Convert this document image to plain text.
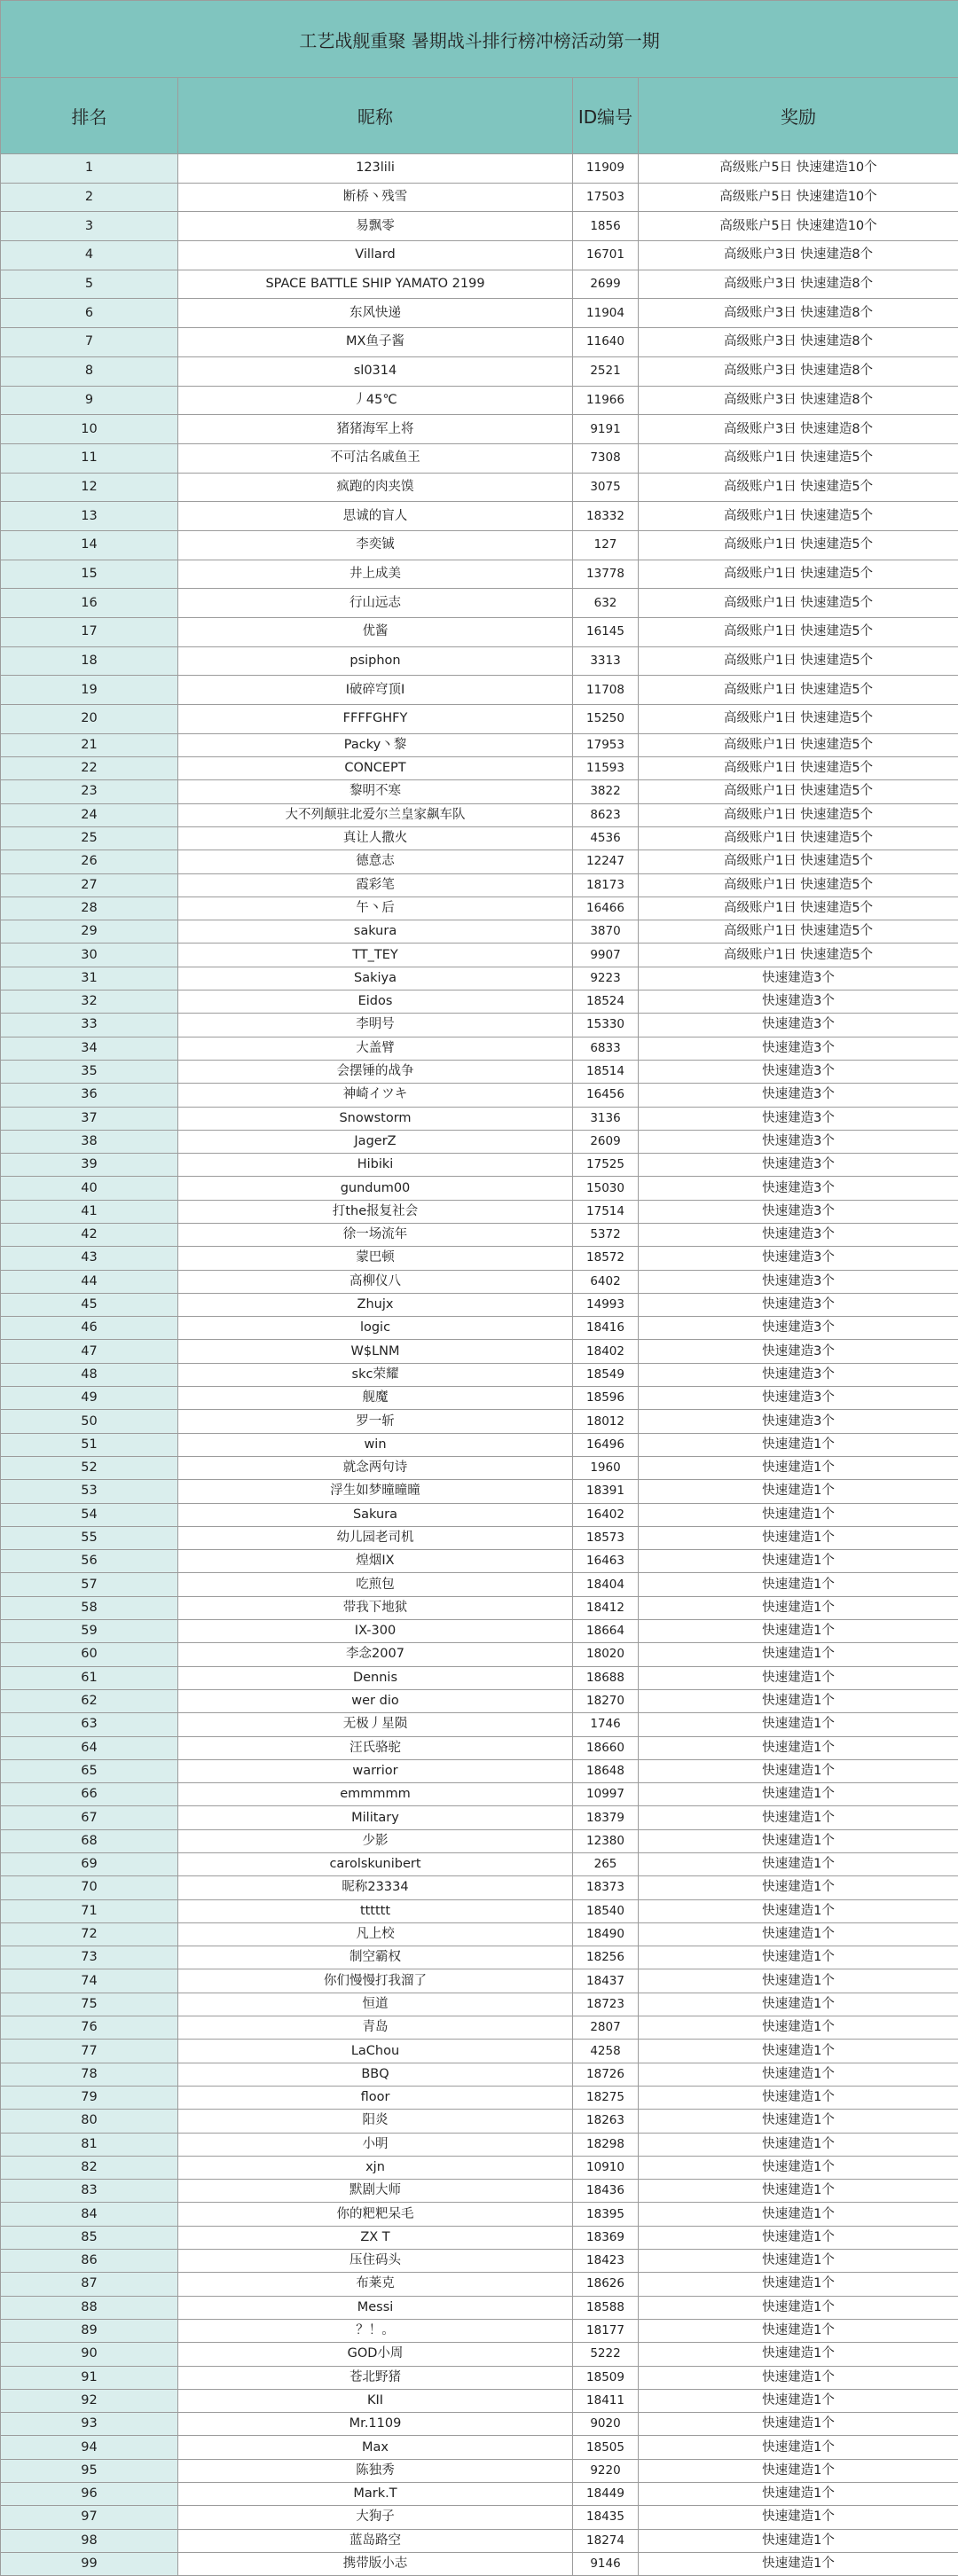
工艺战舰重聚 暑期战斗排行榜冲榜活动第一期			
排名	昵称	ID编号	奖励
1	123lili	11909	高级账户5日 快速建造10个
2	断桥丶残雪	17503	高级账户5日 快速建造10个
3	易飘零	1856	高级账户5日 快速建造10个
4	Villard	16701	高级账户3日 快速建造8个
5	SPACE BATTLE SHIP YAMATO 2199	2699	高级账户3日 快速建造8个
6	东风快递	11904	高级账户3日 快速建造8个
7	MX鱼子酱	11640	高级账户3日 快速建造8个
8	sl0314	2521	高级账户3日 快速建造8个
9	丿45℃	11966	高级账户3日 快速建造8个
10	猪猪海军上将	9191	高级账户3日 快速建造8个
11	不可沽名戚鱼王	7308	高级账户1日 快速建造5个
12	疯跑的肉夹馍	3075	高级账户1日 快速建造5个
13	思诚的盲人	18332	高级账户1日 快速建造5个
14	李奕铖	127	高级账户1日 快速建造5个
15	井上成美	13778	高级账户1日 快速建造5个
16	行山远志	632	高级账户1日 快速建造5个
17	优酱	16145	高级账户1日 快速建造5个
18	psiphon	3313	高级账户1日 快速建造5个
19	I破碎穹顶I	11708	高级账户1日 快速建造5个
20	FFFFGHFY	15250	高级账户1日 快速建造5个
21	Packy丶黎	17953	高级账户1日 快速建造5个
22	CONCEPT	11593	高级账户1日 快速建造5个
23	黎明不寒	3822	高级账户1日 快速建造5个
24	大不列颠驻北爱尔兰皇家飙车队	8623	高级账户1日 快速建造5个
25	真让人撒火	4536	高级账户1日 快速建造5个
26	德意志	12247	高级账户1日 快速建造5个
27	霞彩笔	18173	高级账户1日 快速建造5个
28	午丶后	16466	高级账户1日 快速建造5个
29	sakura	3870	高级账户1日 快速建造5个
30	TT_TEY	9907	高级账户1日 快速建造5个
31	Sakiya	9223	快速建造3个
32	Eidos	18524	快速建造3个
33	李明号	15330	快速建造3个
34	大盖臂	6833	快速建造3个
35	会摆锤的战争	18514	快速建造3个
36	神崎イツキ	16456	快速建造3个
37	Snowstorm	3136	快速建造3个
38	JagerZ	2609	快速建造3个
39	Hibiki	17525	快速建造3个
40	gundum00	15030	快速建造3个
41	打the报复社会	17514	快速建造3个
42	徐一场流年	5372	快速建造3个
43	蒙巴顿	18572	快速建造3个
44	高柳仪八	6402	快速建造3个
45	Zhujx	14993	快速建造3个
46	logic	18416	快速建造3个
47	W$LNM	18402	快速建造3个
48	skc荣耀	18549	快速建造3个
49	舰魔	18596	快速建造3个
50	罗一斩	18012	快速建造3个
51	win	16496	快速建造1个
52	就念两句诗	1960	快速建造1个
53	浮生如梦曈曈曈	18391	快速建造1个
54	Sakura	16402	快速建造1个
55	幼儿园老司机	18573	快速建造1个
56	煌烟IX	16463	快速建造1个
57	吃煎包	18404	快速建造1个
58	带我下地狱	18412	快速建造1个
59	IX-300	18664	快速建造1个
60	李念2007	18020	快速建造1个
61	Dennis	18688	快速建造1个
62	wer dio	18270	快速建造1个
63	无极丿星陨	1746	快速建造1个
64	汪氏骆驼	18660	快速建造1个
65	warrior	18648	快速建造1个
66	emmmmm	10997	快速建造1个
67	Military	18379	快速建造1个
68	少影	12380	快速建造1个
69	carolskunibert	265	快速建造1个
70	昵称23334	18373	快速建造1个
71	tttttt	18540	快速建造1个
72	凡上校	18490	快速建造1个
73	制空霸权	18256	快速建造1个
74	你们慢慢打我溜了	18437	快速建造1个
75	恒道	18723	快速建造1个
76	青岛	2807	快速建造1个
77	LaChou	4258	快速建造1个
78	BBQ	18726	快速建造1个
79	floor	18275	快速建造1个
80	阳炎	18263	快速建造1个
81	小明	18298	快速建造1个
82	xjn	10910	快速建造1个
83	默剧大师	18436	快速建造1个
84	你的粑粑呆毛	18395	快速建造1个
85	ZX T	18369	快速建造1个
86	压住码头	18423	快速建造1个
87	布莱克	18626	快速建造1个
88	Messi	18588	快速建造1个
89	？！。	18177	快速建造1个
90	GOD小周	5222	快速建造1个
91	苍北野猪	18509	快速建造1个
92	KII	18411	快速建造1个
93	Mr.1109	9020	快速建造1个
94	Max	18505	快速建造1个
95	陈独秀	9220	快速建造1个
96	Mark.T	18449	快速建造1个
97	大狗子	18435	快速建造1个
98	蓝岛路空	18274	快速建造1个
99	携带版小志	9146	快速建造1个
